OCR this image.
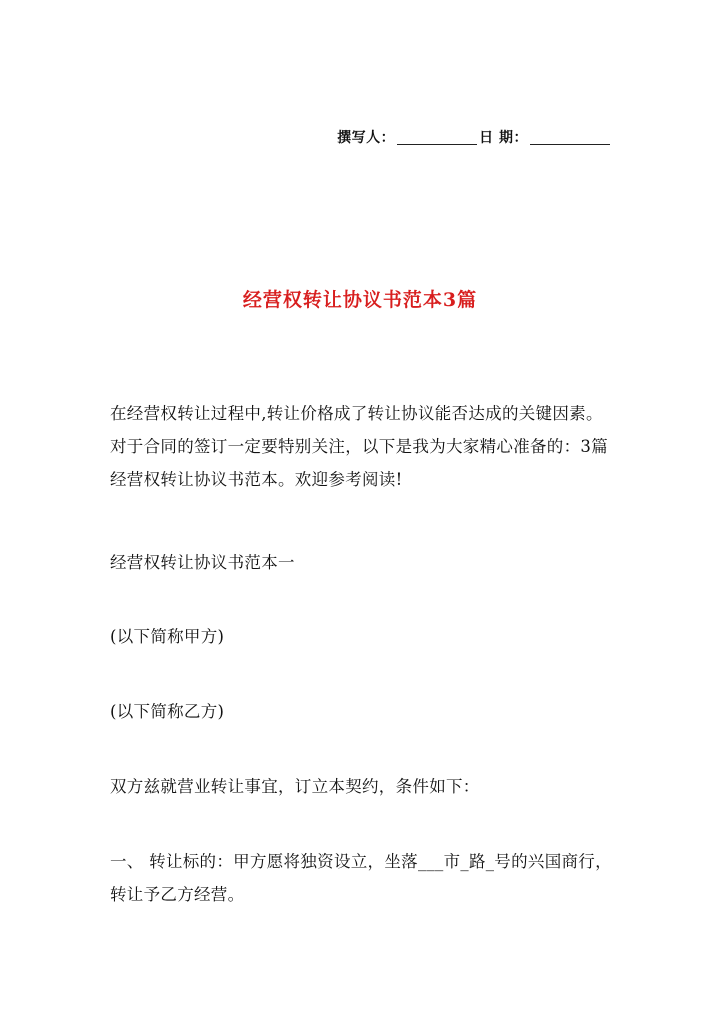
撰写人：	日 期：
经营权转让协议书范本3篇

在经营权转让过程中,转让价格成了转让协议能否达成的关键因素。

对于合同的签订一定要特别关注，以下是我为大家精心准备的：3篇

经营权转让协议书范本。欢迎参考阅读!

经营权转让协议书范本一

(以下简称甲方)

(以下简称乙方)

双方兹就营业转让事宜，订立本契约，条件如下：

一、 转让标的：甲方愿将独资设立，坐落___市_路_号的兴国商行，

转让予乙方经营。
